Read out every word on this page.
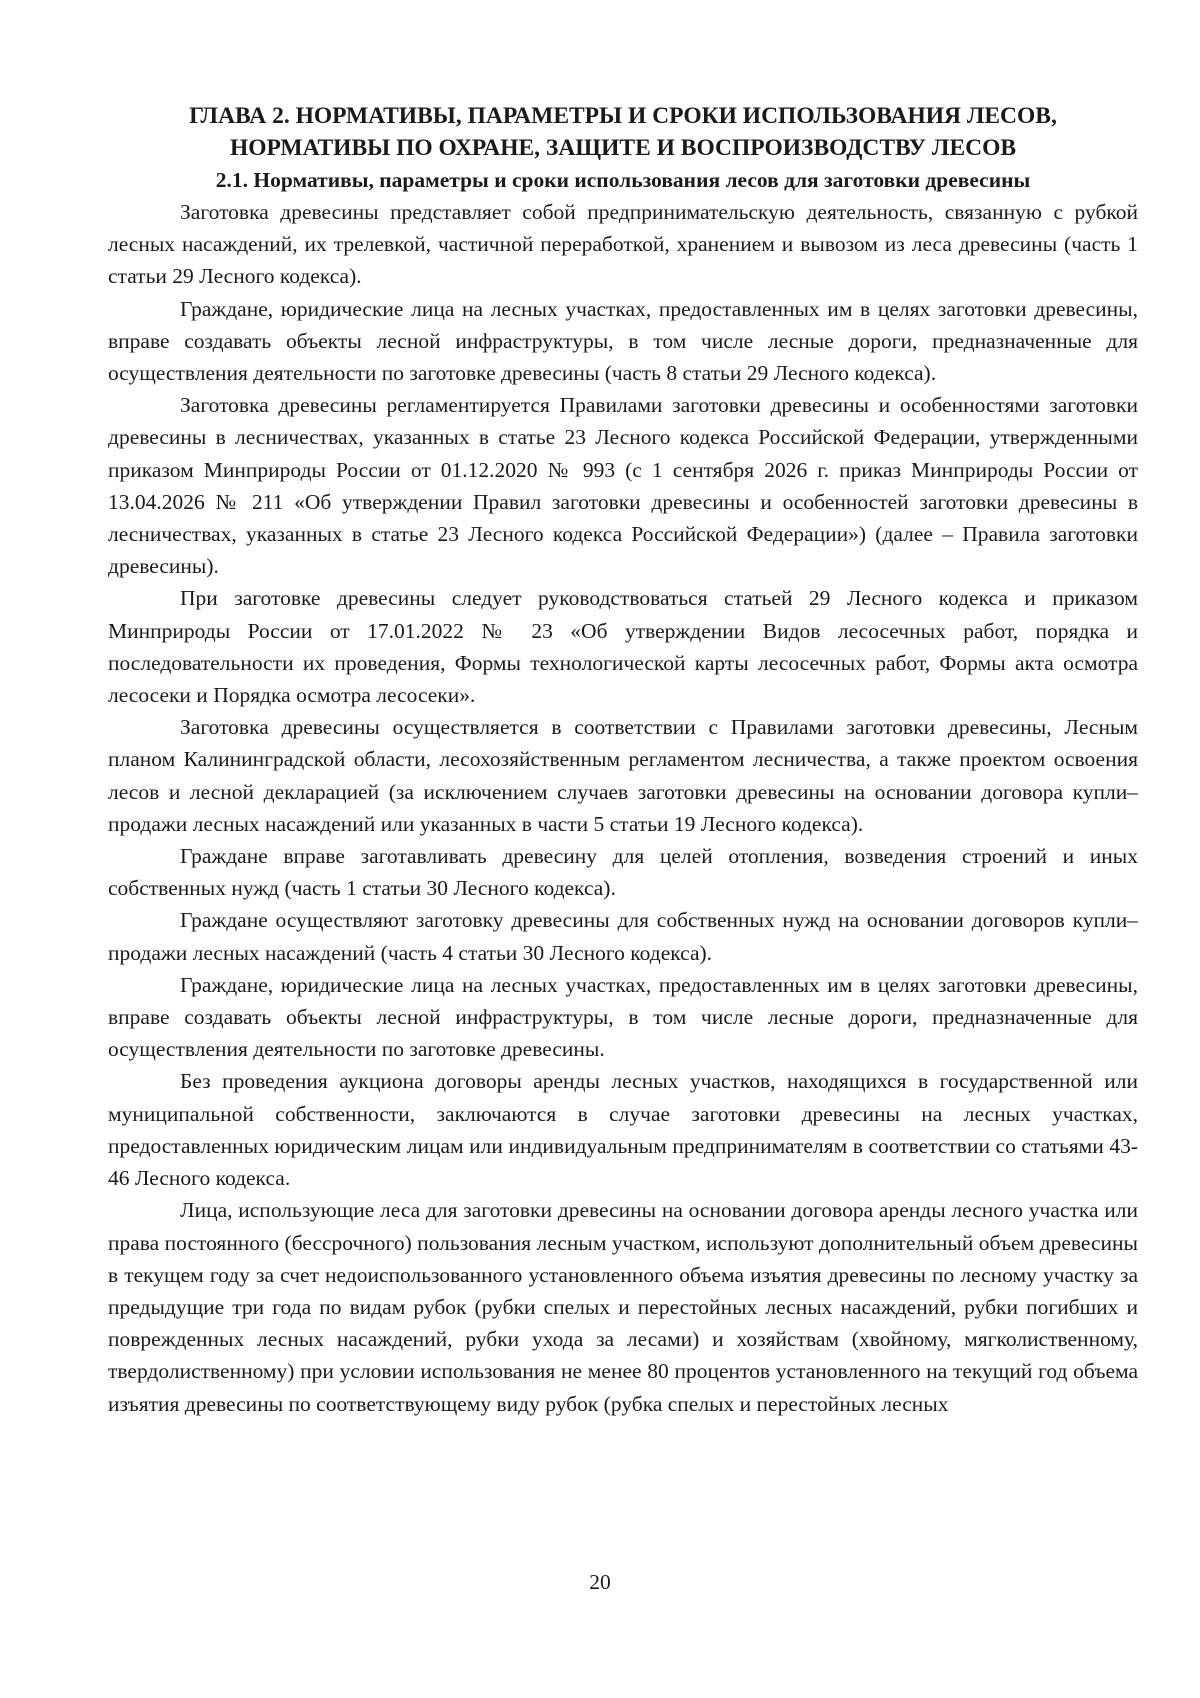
ГЛАВА 2. НОРМАТИВЫ, ПАРАМЕТРЫ И СРОКИ ИСПОЛЬЗОВАНИЯ ЛЕСОВ,
НОРМАТИВЫ ПО ОХРАНЕ, ЗАЩИТЕ И ВОСПРОИЗВОДСТВУ ЛЕСОВ
2.1. Нормативы, параметры и сроки использования лесов для заготовки древесины

Заготовка древесины представляет собой предпринимательскую деятельность, связанную с рубкой лесных насаждений, их трелевкой, частичной переработкой, хранением и вывозом из леса древесины (часть 1 статьи 29 Лесного кодекса).

Граждане, юридические лица на лесных участках, предоставленных им в целях заготовки древесины, вправе создавать объекты лесной инфраструктуры, в том числе лесные дороги, предназначенные для осуществления деятельности по заготовке древесины (часть 8 статьи 29 Лесного кодекса).

Заготовка древесины регламентируется Правилами заготовки древесины и особенностями заготовки древесины в лесничествах, указанных в статье 23 Лесного кодекса Российской Федерации, утвержденными приказом Минприроды России от 01.12.2020 № 993 (с 1 сентября 2026 г. приказ Минприроды России от 13.04.2026 № 211 «Об утверждении Правил заготовки древесины и особенностей заготовки древесины в лесничествах, указанных в статье 23 Лесного кодекса Российской Федерации») (далее – Правила заготовки древесины).

При заготовке древесины следует руководствоваться статьей 29 Лесного кодекса и приказом Минприроды России от 17.01.2022 № 23 «Об утверждении Видов лесосечных работ, порядка и последовательности их проведения, Формы технологической карты лесосечных работ, Формы акта осмотра лесосеки и Порядка осмотра лесосеки».

Заготовка древесины осуществляется в соответствии с Правилами заготовки древесины, Лесным планом Калининградской области, лесохозяйственным регламентом лесничества, а также проектом освоения лесов и лесной декларацией (за исключением случаев заготовки древесины на основании договора купли–продажи лесных насаждений или указанных в части 5 статьи 19 Лесного кодекса).

Граждане вправе заготавливать древесину для целей отопления, возведения строений и иных собственных нужд (часть 1 статьи 30 Лесного кодекса).

Граждане осуществляют заготовку древесины для собственных нужд на основании договоров купли–продажи лесных насаждений (часть 4 статьи 30 Лесного кодекса).

Граждане, юридические лица на лесных участках, предоставленных им в целях заготовки древесины, вправе создавать объекты лесной инфраструктуры, в том числе лесные дороги, предназначенные для осуществления деятельности по заготовке древесины.

Без проведения аукциона договоры аренды лесных участков, находящихся в государственной или муниципальной собственности, заключаются в случае заготовки древесины на лесных участках, предоставленных юридическим лицам или индивидуальным предпринимателям в соответствии со статьями 43-46 Лесного кодекса.

Лица, использующие леса для заготовки древесины на основании договора аренды лесного участка или права постоянного (бессрочного) пользования лесным участком, используют дополнительный объем древесины в текущем году за счет недоиспользованного установленного объема изъятия древесины по лесному участку за предыдущие три года по видам рубок (рубки спелых и перестойных лесных насаждений, рубки погибших и поврежденных лесных насаждений, рубки ухода за лесами) и хозяйствам (хвойному, мягколиственному, твердолиственному) при условии использования не менее 80 процентов установленного на текущий год объема изъятия древесины по соответствующему виду рубок (рубка спелых и перестойных лесных

20
